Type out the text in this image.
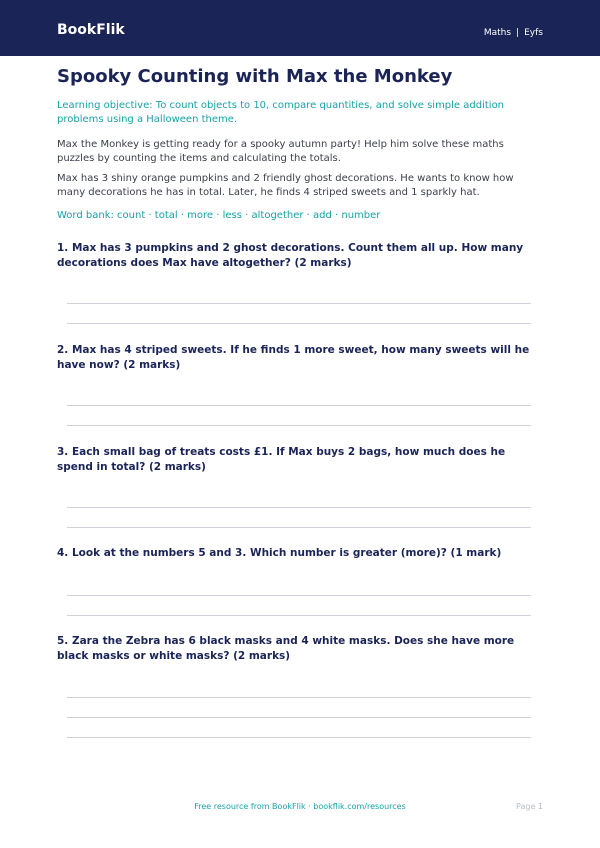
BookFlik	Maths | Eyfs
Spooky Counting with Max the Monkey
Learning objective: To count objects to 10, compare quantities, and solve simple addition problems using a Halloween theme.
Max the Monkey is getting ready for a spooky autumn party! Help him solve these maths puzzles by counting the items and calculating the totals.
Max has 3 shiny orange pumpkins and 2 friendly ghost decorations. He wants to know how many decorations he has in total. Later, he finds 4 striped sweets and 1 sparkly hat.
Word bank: count · total · more · less · altogether · add · number
1. Max has 3 pumpkins and 2 ghost decorations. Count them all up. How many decorations does Max have altogether? (2 marks)
2. Max has 4 striped sweets. If he finds 1 more sweet, how many sweets will he have now? (2 marks)
3. Each small bag of treats costs £1. If Max buys 2 bags, how much does he spend in total? (2 marks)
4. Look at the numbers 5 and 3. Which number is greater (more)? (1 mark)
5. Zara the Zebra has 6 black masks and 4 white masks. Does she have more black masks or white masks? (2 marks)
Free resource from BookFlik · bookflik.com/resources	Page 1
